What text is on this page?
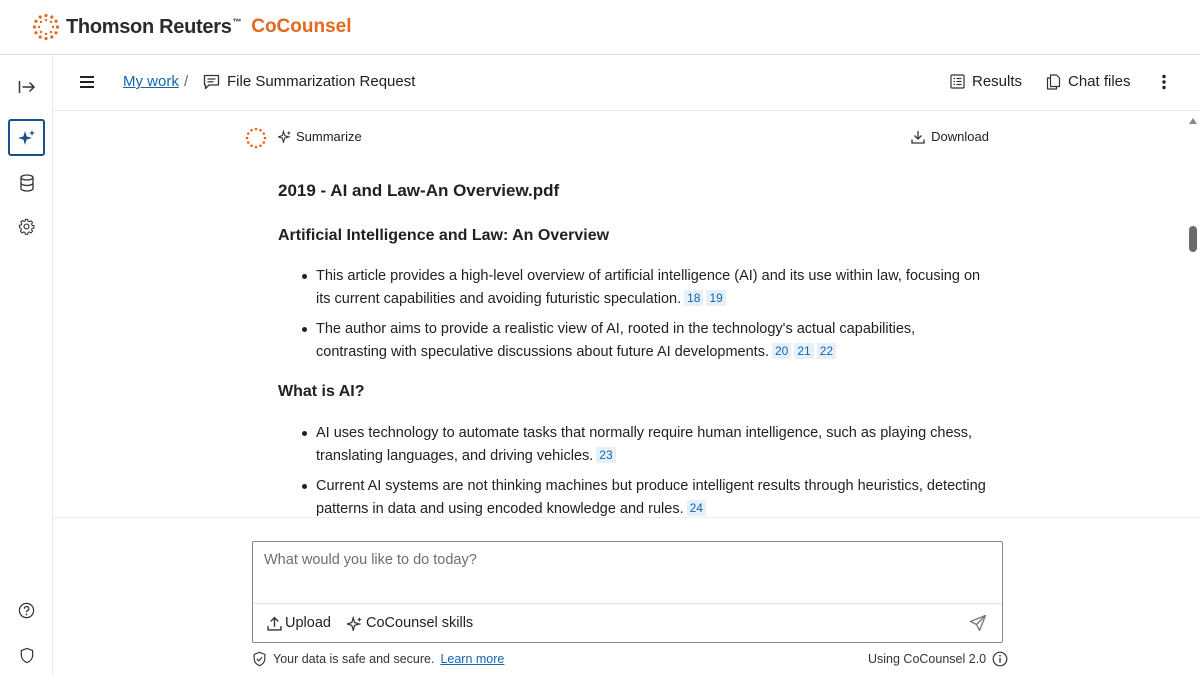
Thomson Reuters™ CoCounsel
My work /	File Summarization Request	Results	Chat files
Summarize	Download
2019 - AI and Law-An Overview.pdf
Artificial Intelligence and Law: An Overview
This article provides a high-level overview of artificial intelligence (AI) and its use within law, focusing on its current capabilities and avoiding futuristic speculation. 18 19
The author aims to provide a realistic view of AI, rooted in the technology's actual capabilities, contrasting with speculative discussions about future AI developments. 20 21 22
What is AI?
AI uses technology to automate tasks that normally require human intelligence, such as playing chess, translating languages, and driving vehicles. 23
Current AI systems are not thinking machines but produce intelligent results through heuristics, detecting patterns in data and using encoded knowledge and rules. 24
What would you like to do today?
Upload CoCounsel skills
Your data is safe and secure. Learn more	Using CoCounsel 2.0
